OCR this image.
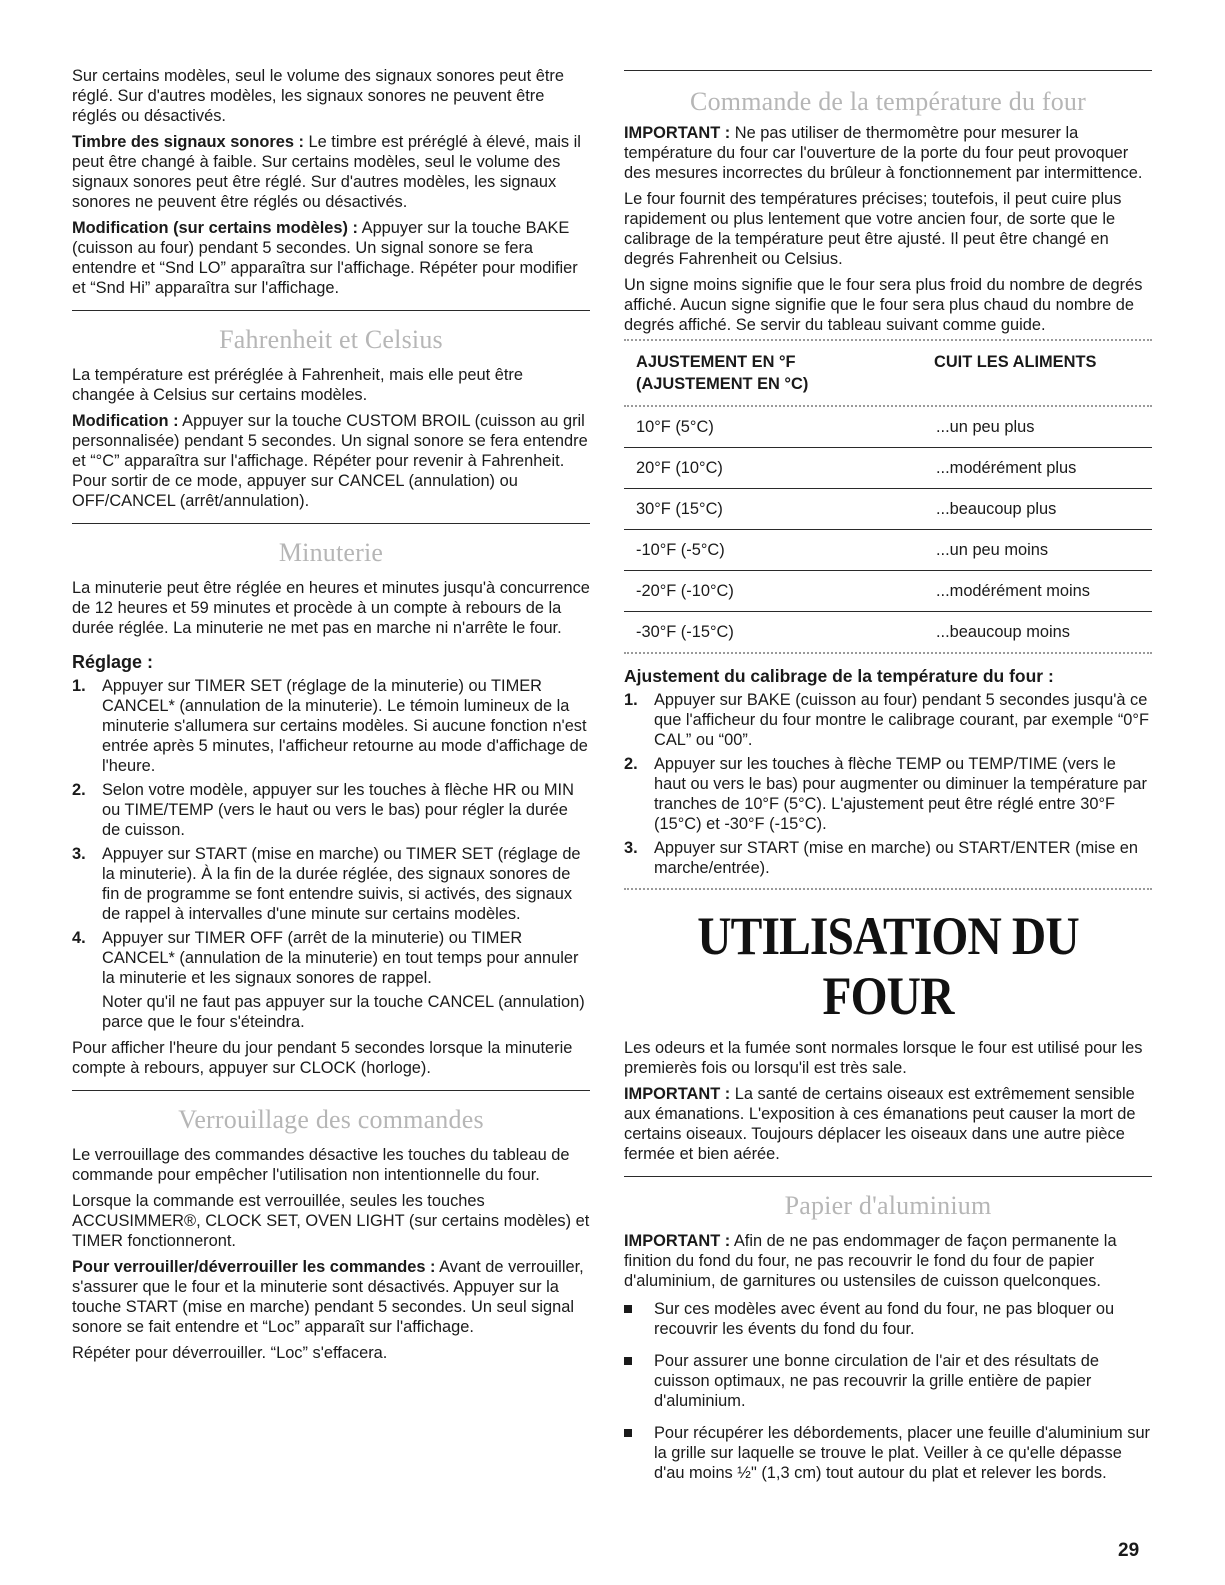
Sur certains modèles, seul le volume des signaux sonores peut être réglé. Sur d'autres modèles, les signaux sonores ne peuvent être réglés ou désactivés.

Timbre des signaux sonores : Le timbre est préréglé à élevé, mais il peut être changé à faible. Sur certains modèles, seul le volume des signaux sonores peut être réglé. Sur d'autres modèles, les signaux sonores ne peuvent être réglés ou désactivés.

Modification (sur certains modèles) : Appuyer sur la touche BAKE (cuisson au four) pendant 5 secondes. Un signal sonore se fera entendre et “Snd LO” apparaîtra sur l'affichage. Répéter pour modifier et “Snd Hi” apparaîtra sur l'affichage.

Fahrenheit et Celsius

La température est préréglée à Fahrenheit, mais elle peut être changée à Celsius sur certains modèles.

Modification : Appuyer sur la touche CUSTOM BROIL (cuisson au gril personnalisée) pendant 5 secondes. Un signal sonore se fera entendre et “°C” apparaîtra sur l'affichage. Répéter pour revenir à Fahrenheit. Pour sortir de ce mode, appuyer sur CANCEL (annulation) ou OFF/CANCEL (arrêt/annulation).

Minuterie

La minuterie peut être réglée en heures et minutes jusqu'à concurrence de 12 heures et 59 minutes et procède à un compte à rebours de la durée réglée. La minuterie ne met pas en marche ni n'arrête le four.

Réglage :
1. Appuyer sur TIMER SET (réglage de la minuterie) ou TIMER CANCEL* (annulation de la minuterie). Le témoin lumineux de la minuterie s'allumera sur certains modèles. Si aucune fonction n'est entrée après 5 minutes, l'afficheur retourne au mode d'affichage de l'heure.
2. Selon votre modèle, appuyer sur les touches à flèche HR ou MIN ou TIME/TEMP (vers le haut ou vers le bas) pour régler la durée de cuisson.
3. Appuyer sur START (mise en marche) ou TIMER SET (réglage de la minuterie). À la fin de la durée réglée, des signaux sonores de fin de programme se font entendre suivis, si activés, des signaux de rappel à intervalles d'une minute sur certains modèles.
4. Appuyer sur TIMER OFF (arrêt de la minuterie) ou TIMER CANCEL* (annulation de la minuterie) en tout temps pour annuler la minuterie et les signaux sonores de rappel.

Noter qu'il ne faut pas appuyer sur la touche CANCEL (annulation) parce que le four s'éteindra.

Pour afficher l'heure du jour pendant 5 secondes lorsque la minuterie compte à rebours, appuyer sur CLOCK (horloge).

Verrouillage des commandes

Le verrouillage des commandes désactive les touches du tableau de commande pour empêcher l'utilisation non intentionnelle du four.

Lorsque la commande est verrouillée, seules les touches ACCUSIMMER®, CLOCK SET, OVEN LIGHT (sur certains modèles) et TIMER fonctionneront.

Pour verrouiller/déverrouiller les commandes : Avant de verrouiller, s'assurer que le four et la minuterie sont désactivés. Appuyer sur la touche START (mise en marche) pendant 5 secondes. Un seul signal sonore se fait entendre et “Loc” apparaît sur l'affichage.

Répéter pour déverrouiller. “Loc” s'effacera.

Commande de la température du four

IMPORTANT : Ne pas utiliser de thermomètre pour mesurer la température du four car l'ouverture de la porte du four peut provoquer des mesures incorrectes du brûleur à fonctionnement par intermittence.

Le four fournit des températures précises; toutefois, il peut cuire plus rapidement ou plus lentement que votre ancien four, de sorte que le calibrage de la température peut être ajusté. Il peut être changé en degrés Fahrenheit ou Celsius.

Un signe moins signifie que le four sera plus froid du nombre de degrés affiché. Aucun signe signifie que le four sera plus chaud du nombre de degrés affiché. Se servir du tableau suivant comme guide.

AJUSTEMENT EN °F
(AJUSTEMENT EN °C)	CUIT LES ALIMENTS
10°F (5°C)	...un peu plus
20°F (10°C)	...modérément plus
30°F (15°C)	...beaucoup plus
-10°F (-5°C)	...un peu moins
-20°F (-10°C)	...modérément moins
-30°F (-15°C)	...beaucoup moins
Ajustement du calibrage de la température du four :
1. Appuyer sur BAKE (cuisson au four) pendant 5 secondes jusqu'à ce que l'afficheur du four montre le calibrage courant, par exemple “0°F CAL” ou “00”.
2. Appuyer sur les touches à flèche TEMP ou TEMP/TIME (vers le haut ou vers le bas) pour augmenter ou diminuer la température par tranches de 10°F (5°C). L'ajustement peut être réglé entre 30°F (15°C) et -30°F (-15°C).
3. Appuyer sur START (mise en marche) ou START/ENTER (mise en marche/entrée).
UTILISATION DU FOUR

Les odeurs et la fumée sont normales lorsque le four est utilisé pour les premierès fois ou lorsqu'il est très sale.

IMPORTANT : La santé de certains oiseaux est extrêmement sensible aux émanations. L'exposition à ces émanations peut causer la mort de certains oiseaux. Toujours déplacer les oiseaux dans une autre pièce fermée et bien aérée.

Papier d'aluminium

IMPORTANT : Afin de ne pas endommager de façon permanente la finition du fond du four, ne pas recouvrir le fond du four de papier d'aluminium, de garnitures ou ustensiles de cuisson quelconques.

Sur ces modèles avec évent au fond du four, ne pas bloquer ou recouvrir les évents du fond du four.
Pour assurer une bonne circulation de l'air et des résultats de cuisson optimaux, ne pas recouvrir la grille entière de papier d'aluminium.
Pour récupérer les débordements, placer une feuille d'aluminium sur la grille sur laquelle se trouve le plat. Veiller à ce qu'elle dépasse d'au moins ½" (1,3 cm) tout autour du plat et relever les bords.
29
